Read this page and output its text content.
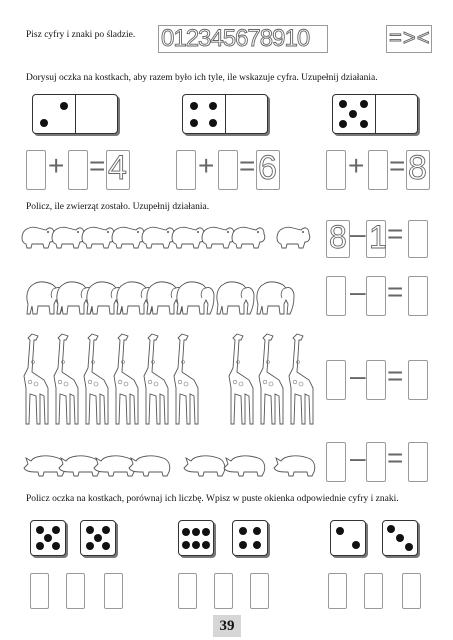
Pisz cyfry i znaki po śladzie. 012345678910	=><
Dorysuj oczka na kostkach, aby razem było ich tyle, ile wskazuje cyfra. Uzupełnij działania.
+ = 4	+ = 6	+ = 8
Policz, ile zwierząt zostało. Uzupełnij działania.
8 – 1 =
– =
– =
– =
Policz oczka na kostkach, porównaj ich liczbę. Wpisz w puste okienka odpowiednie cyfry i znaki.
39
